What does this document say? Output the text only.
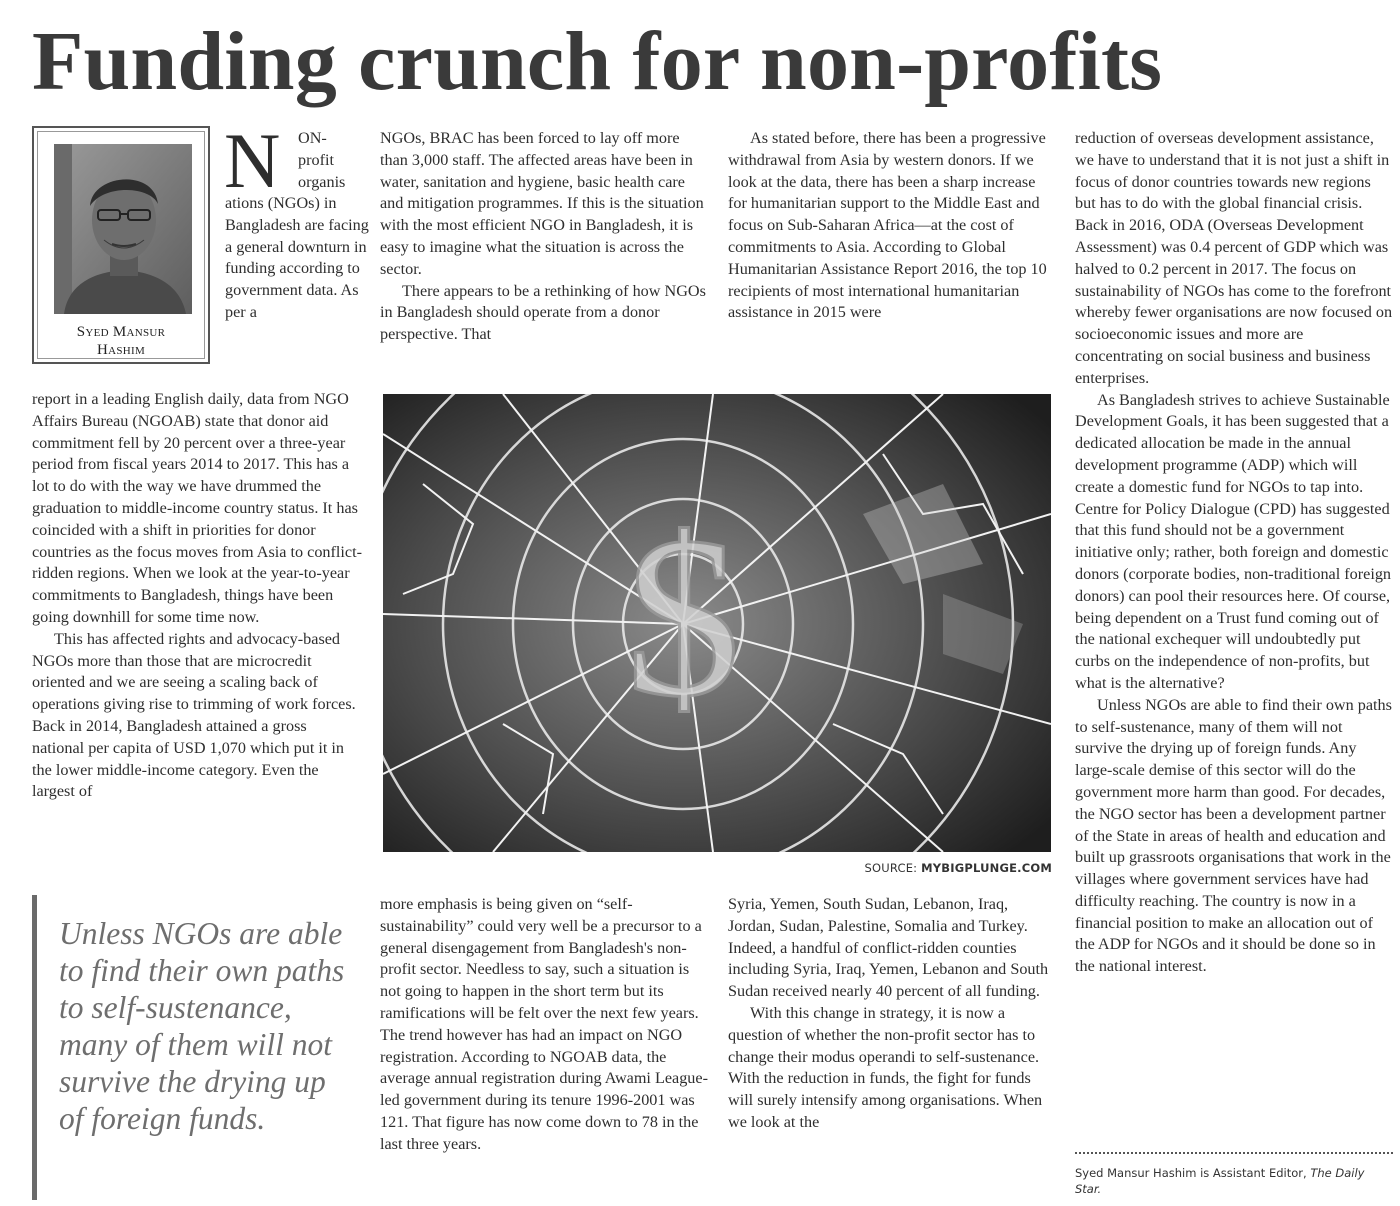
Funding crunch for non-profits
Syed Mansur
Hashim
N ON-
profit
organis

ations (NGOs) in Bangladesh are facing a general downturn in funding according to government data. As per a

report in a leading English daily, data from NGO Affairs Bureau (NGOAB) state that donor aid commitment fell by 20 percent over a three-year period from fiscal years 2014 to 2017. This has a lot to do with the way we have drummed the graduation to middle-income country status. It has coincided with a shift in priorities for donor countries as the focus moves from Asia to conflict-ridden regions. When we look at the year-to-year commitments to Bangladesh, things have been going downhill for some time now.

This has affected rights and advocacy-based NGOs more than those that are microcredit oriented and we are seeing a scaling back of operations giving rise to trimming of work forces. Back in 2014, Bangladesh attained a gross national per capita of USD 1,070 which put it in the lower middle-income category. Even the largest of

Unless NGOs are able to find their own paths to self-sustenance, many of them will not survive the drying up of foreign funds.

NGOs, BRAC has been forced to lay off more than 3,000 staff. The affected areas have been in water, sanitation and hygiene, basic health care and mitigation programmes. If this is the situation with the most efficient NGO in Bangladesh, it is easy to imagine what the situation is across the sector.

There appears to be a rethinking of how NGOs in Bangladesh should operate from a donor perspective. That

As stated before, there has been a progressive withdrawal from Asia by western donors. If we look at the data, there has been a sharp increase for humanitarian support to the Middle East and focus on Sub-Saharan Africa—at the cost of commitments to Asia. According to Global Humanitarian Assistance Report 2016, the top 10 recipients of most international humanitarian assistance in 2015 were

$
SOURCE: MYBIGPLUNGE.COM

more emphasis is being given on “self-sustainability” could very well be a precursor to a general disengagement from Bangladesh's non-profit sector. Needless to say, such a situation is not going to happen in the short term but its ramifications will be felt over the next few years. The trend however has had an impact on NGO registration. According to NGOAB data, the average annual registration during Awami League-led government during its tenure 1996-2001 was 121. That figure has now come down to 78 in the last three years.

Syria, Yemen, South Sudan, Lebanon, Iraq, Jordan, Sudan, Palestine, Somalia and Turkey. Indeed, a handful of conflict-ridden counties including Syria, Iraq, Yemen, Lebanon and South Sudan received nearly 40 percent of all funding.

With this change in strategy, it is now a question of whether the non-profit sector has to change their modus operandi to self-sustenance. With the reduction in funds, the fight for funds will surely intensify among organisations. When we look at the

reduction of overseas development assistance, we have to understand that it is not just a shift in focus of donor countries towards new regions but has to do with the global financial crisis. Back in 2016, ODA (Overseas Development Assessment) was 0.4 percent of GDP which was halved to 0.2 percent in 2017. The focus on sustainability of NGOs has come to the forefront whereby fewer organisations are now focused on socioeconomic issues and more are concentrating on social business and business enterprises.

As Bangladesh strives to achieve Sustainable Development Goals, it has been suggested that a dedicated allocation be made in the annual development programme (ADP) which will create a domestic fund for NGOs to tap into. Centre for Policy Dialogue (CPD) has suggested that this fund should not be a government initiative only; rather, both foreign and domestic donors (corporate bodies, non-traditional foreign donors) can pool their resources here. Of course, being dependent on a Trust fund coming out of the national exchequer will undoubtedly put curbs on the independence of non-profits, but what is the alternative?

Unless NGOs are able to find their own paths to self-sustenance, many of them will not survive the drying up of foreign funds. Any large-scale demise of this sector will do the government more harm than good. For decades, the NGO sector has been a development partner of the State in areas of health and education and built up grassroots organisations that work in the villages where government services have had difficulty reaching. The country is now in a financial position to make an allocation out of the ADP for NGOs and it should be done so in the national interest.

Syed Mansur Hashim is Assistant Editor, The Daily Star.
